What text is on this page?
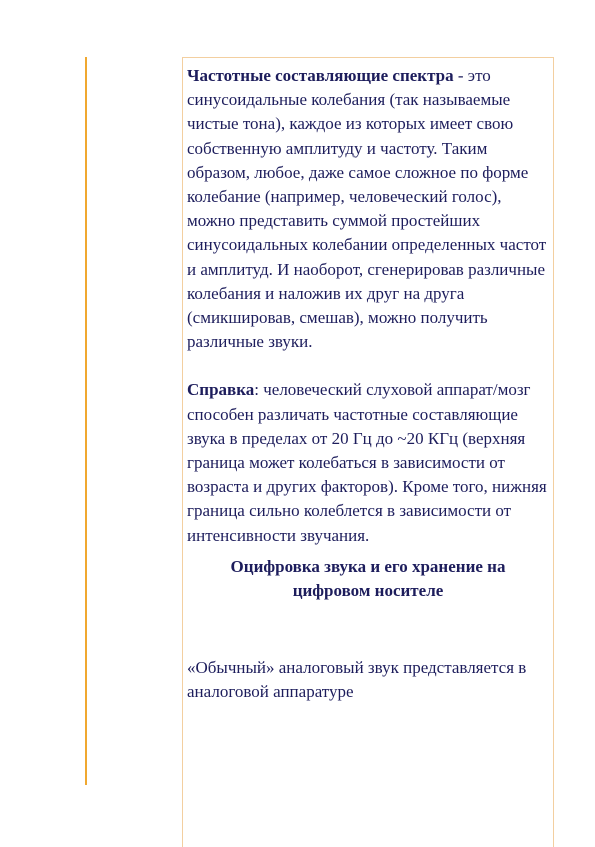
Частотные составляющие спектра - это синусоидальные колебания (так называемые чистые тона), каждое из которых имеет свою собственную амплитуду и частоту. Таким образом, любое, даже самое сложное по форме колебание (например, человеческий голос), можно представить суммой простейших синусоидальных колебании определенных частот и амплитуд. И наоборот, сгенерировав различные колебания и наложив их друг на друга (смикшировав, смешав), можно получить различные звуки.

Справка: человеческий слуховой аппарат/мозг способен различать частотные составляющие звука в пределах от 20 Гц до ~20 КГц (верхняя граница может колебаться в зависимости от возраста и других факторов). Кроме того, нижняя граница сильно колеблется в зависимости от интенсивности звучания.

Оцифровка звука и его хранение на цифровом носителе

«Обычный» аналоговый звук представляется в аналоговой аппаратуре
